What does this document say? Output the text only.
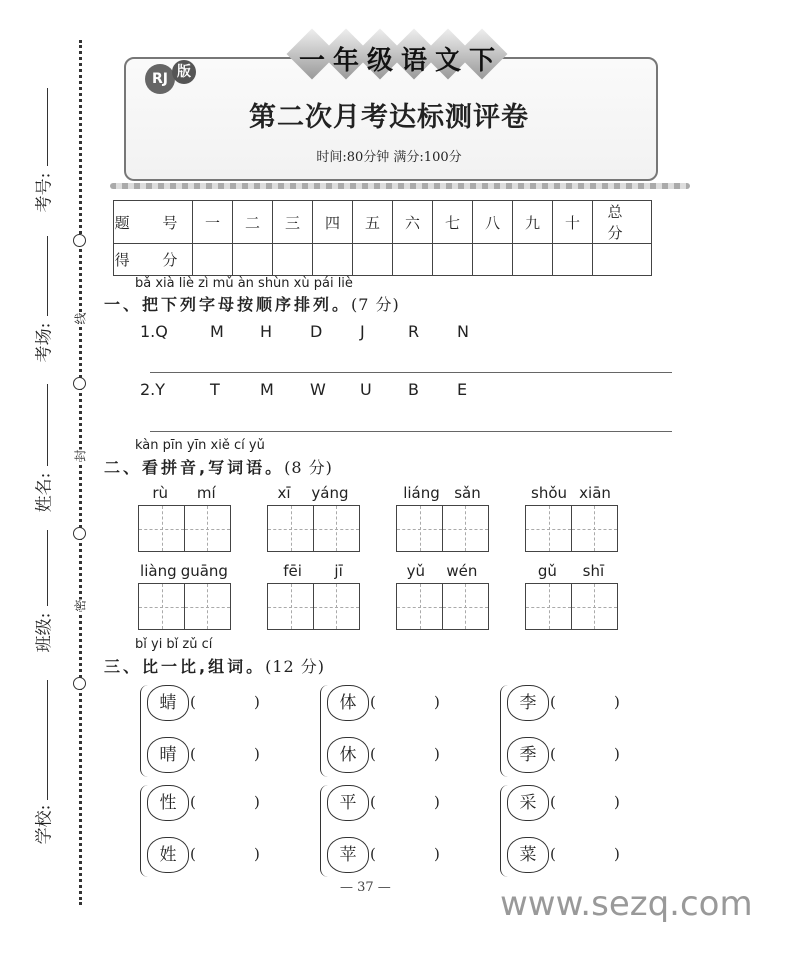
考号:
考场:
姓名:
班级:
学校:
线
封
密
RJ 版
第二次月考达标测评卷
时间:80分钟 满分:100分
题 号	一	二	三	四	五	六	七	八	九	十	总 分
得 分											
bǎ xià liè zì mǔ àn shùn xù pái liè
一、把下列字母按顺序排列。(7 分)
kàn pīn yīn xiě cí yǔ
二、看拼音,写词语。(8 分)
bǐ yi bǐ zǔ cí
三、比一比,组词。(12 分)
— 37 —	www.sezq.com
一 年 级 语 文 下
1.Q	M H D J	R N
2.Y	T	M W U B E
rù mí	xī yáng	liáng sǎn	shǒu xiān
liàng guāng	fēi jī	yǔ wén	gǔ shī
蜻 (	)
晴 (	)
体 (	)
休 (	)
李 (	)
季 (	)
性 (	)
姓 (	)
平 (	)
苹 (	)
采 (	)
菜 (	)
